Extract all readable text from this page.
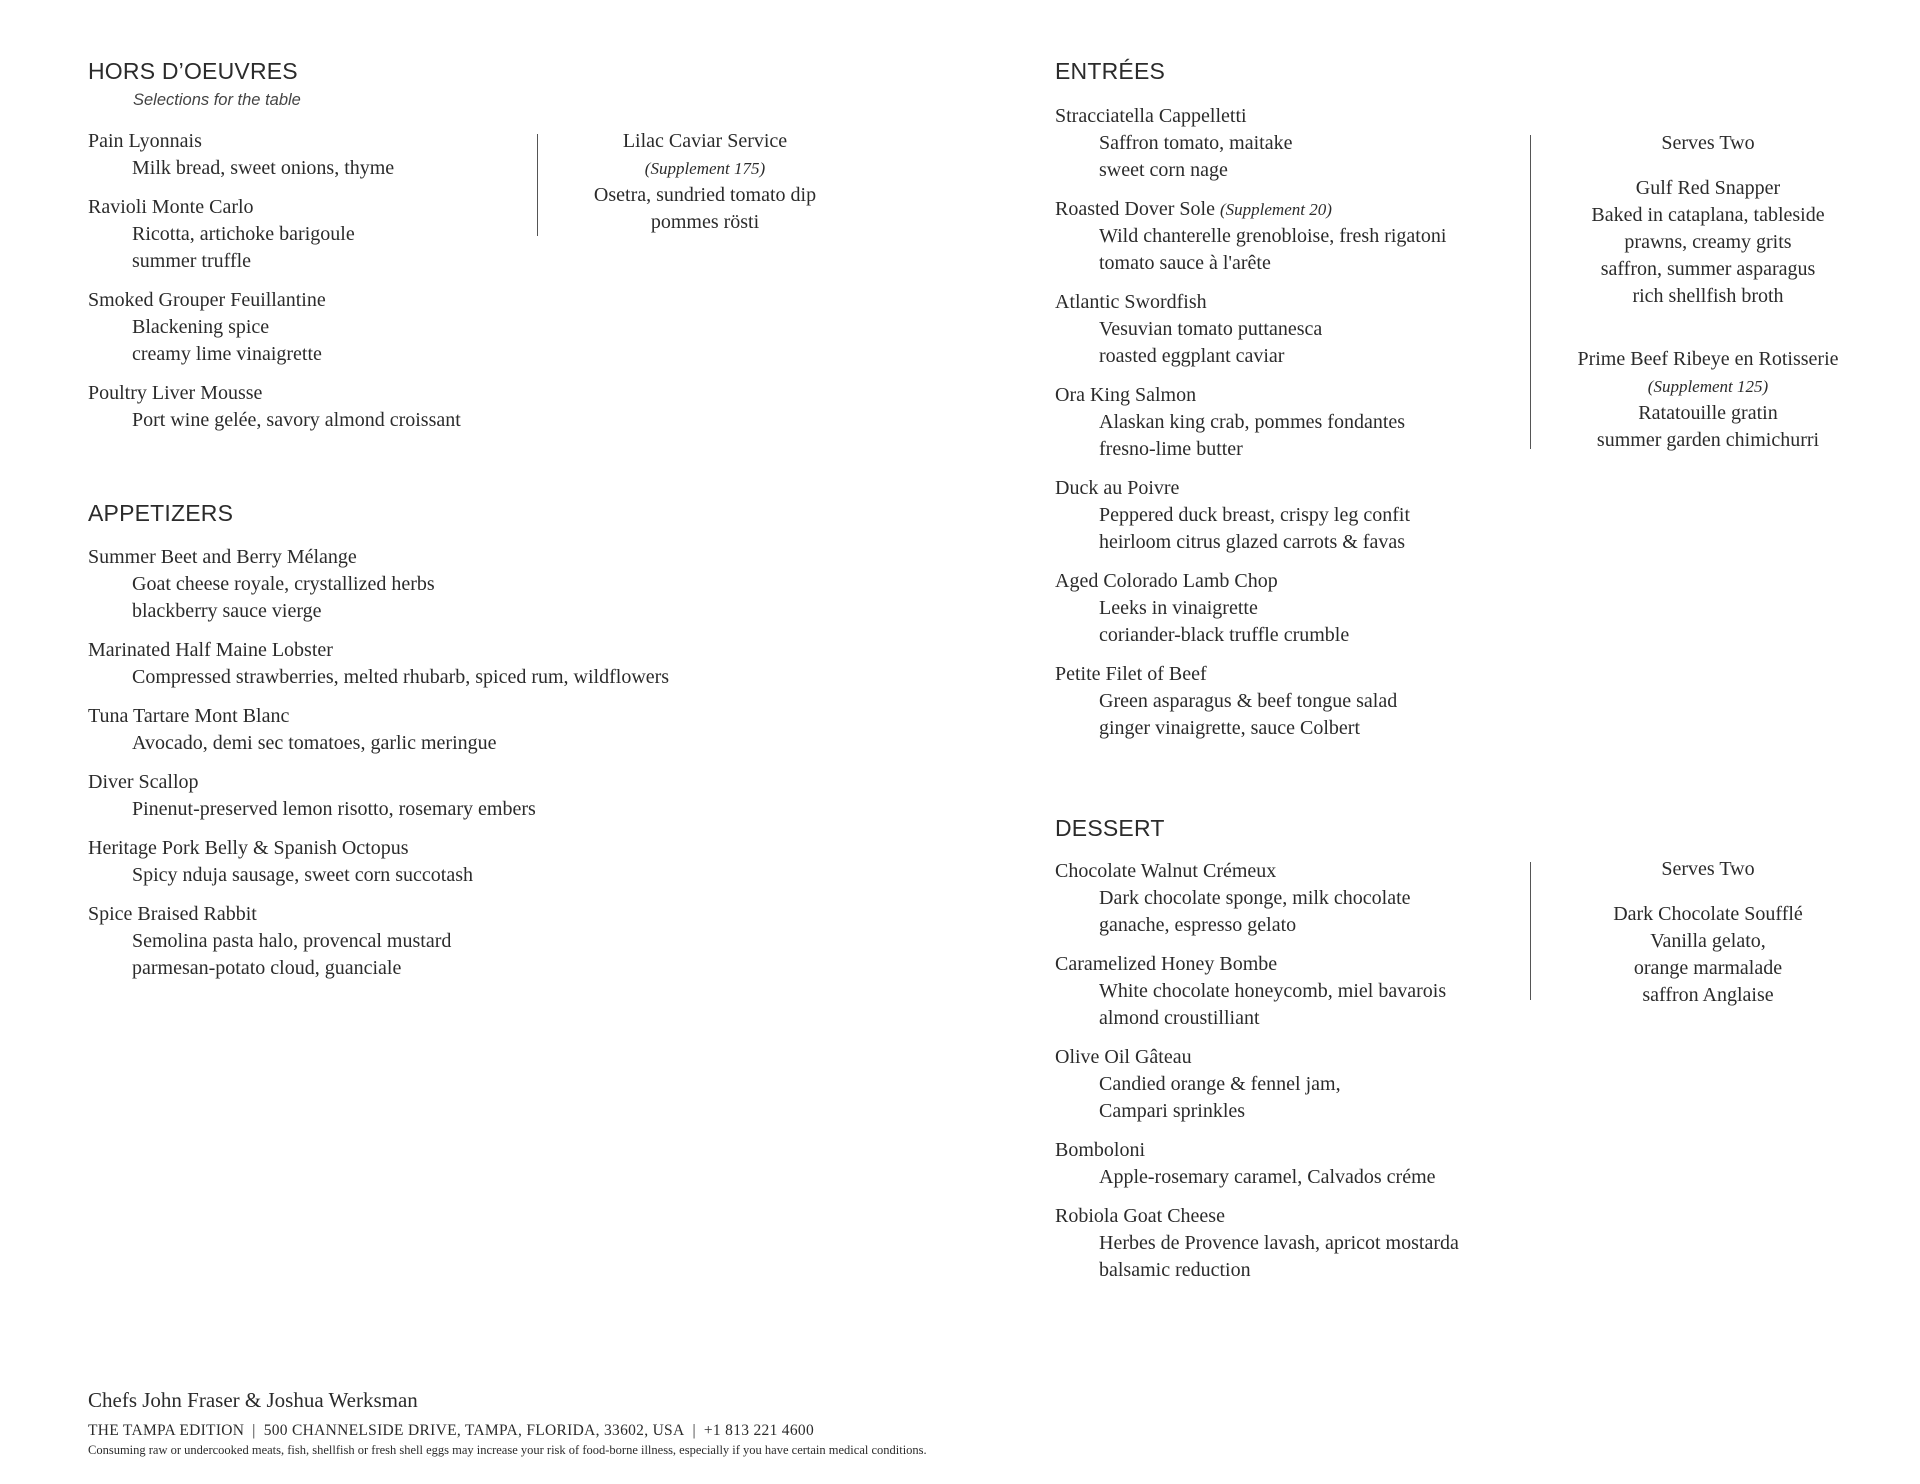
HORS D’OEUVRES
Selections for the table
Pain Lyonnais
Milk bread, sweet onions, thyme
Ravioli Monte Carlo
Ricotta, artichoke barigoule
summer truffle
Smoked Grouper Feuillantine
Blackening spice
creamy lime vinaigrette
Poultry Liver Mousse
Port wine gelée, savory almond croissant
Lilac Caviar Service
(Supplement 175)
Osetra, sundried tomato dip
pommes rösti
APPETIZERS
Summer Beet and Berry Mélange
Goat cheese royale, crystallized herbs
blackberry sauce vierge
Marinated Half Maine Lobster
Compressed strawberries, melted rhubarb, spiced rum, wildflowers
Tuna Tartare Mont Blanc
Avocado, demi sec tomatoes, garlic meringue
Diver Scallop
Pinenut-preserved lemon risotto, rosemary embers
Heritage Pork Belly & Spanish Octopus
Spicy nduja sausage, sweet corn succotash
Spice Braised Rabbit
Semolina pasta halo, provencal mustard
parmesan-potato cloud, guanciale
ENTRÉES
Stracciatella Cappelletti
Saffron tomato, maitake
sweet corn nage
Roasted Dover Sole (Supplement 20)
Wild chanterelle grenobloise, fresh rigatoni
tomato sauce à l'arête
Atlantic Swordfish
Vesuvian tomato puttanesca
roasted eggplant caviar
Ora King Salmon
Alaskan king crab, pommes fondantes
fresno-lime butter
Duck au Poivre
Peppered duck breast, crispy leg confit
heirloom citrus glazed carrots & favas
Aged Colorado Lamb Chop
Leeks in vinaigrette
coriander-black truffle crumble
Petite Filet of Beef
Green asparagus & beef tongue salad
ginger vinaigrette, sauce Colbert
Serves Two
Gulf Red Snapper
Baked in cataplana, tableside
prawns, creamy grits
saffron, summer asparagus
rich shellfish broth
Prime Beef Ribeye en Rotisserie
(Supplement 125)
Ratatouille gratin
summer garden chimichurri
DESSERT
Chocolate Walnut Crémeux
Dark chocolate sponge, milk chocolate
ganache, espresso gelato
Caramelized Honey Bombe
White chocolate honeycomb, miel bavarois
almond croustilliant
Olive Oil Gâteau
Candied orange & fennel jam,
Campari sprinkles
Bomboloni
Apple-rosemary caramel, Calvados créme
Robiola Goat Cheese
Herbes de Provence lavash, apricot mostarda
balsamic reduction
Serves Two
Dark Chocolate Soufflé
Vanilla gelato,
orange marmalade
saffron Anglaise
Chefs John Fraser & Joshua Werksman
THE TAMPA EDITION | 500 CHANNELSIDE DRIVE, TAMPA, FLORIDA, 33602, USA | +1 813 221 4600
Consuming raw or undercooked meats, fish, shellfish or fresh shell eggs may increase your risk of food-borne illness, especially if you have certain medical conditions.
